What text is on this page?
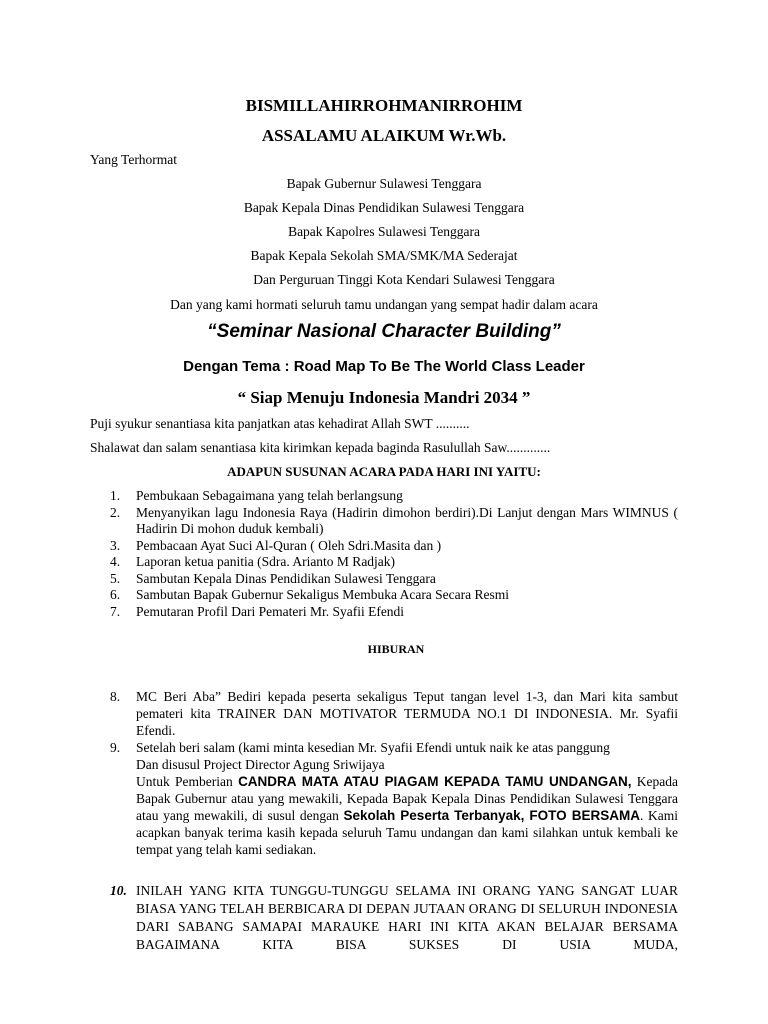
BISMILLAHIRROHMANIRROHIM
ASSALAMU ALAIKUM Wr.Wb.
Yang Terhormat
Bapak Gubernur Sulawesi Tenggara
Bapak Kepala Dinas Pendidikan Sulawesi Tenggara
Bapak Kapolres Sulawesi Tenggara
Bapak Kepala Sekolah SMA/SMK/MA Sederajat
Dan Perguruan Tinggi Kota Kendari Sulawesi Tenggara
Dan yang kami hormati seluruh tamu undangan yang sempat hadir dalam acara
“Seminar Nasional Character Building”
Dengan Tema : Road Map To Be The World Class Leader
“ Siap Menuju Indonesia Mandri 2034 ”
Puji syukur senantiasa kita panjatkan atas kehadirat Allah SWT ..........
Shalawat dan salam senantiasa kita kirimkan kepada baginda Rasulullah Saw.............
ADAPUN SUSUNAN ACARA PADA HARI INI YAITU:
1. Pembukaan Sebagaimana yang telah berlangsung
2. Menyanyikan lagu Indonesia Raya (Hadirin dimohon berdiri).Di Lanjut dengan Mars WIMNUS ( Hadirin Di mohon duduk kembali)
3. Pembacaan Ayat Suci Al-Quran ( Oleh Sdri.Masita dan )
4. Laporan ketua panitia (Sdra. Arianto M Radjak)
5. Sambutan Kepala Dinas Pendidikan Sulawesi Tenggara
6. Sambutan Bapak Gubernur Sekaligus Membuka Acara Secara Resmi
7. Pemutaran Profil Dari Pemateri Mr. Syafii Efendi
HIBURAN
8. MC Beri Aba” Bediri kepada peserta sekaligus Teput tangan level 1-3, dan Mari kita sambut pemateri kita TRAINER DAN MOTIVATOR TERMUDA NO.1 DI INDONESIA. Mr. Syafii Efendi.
9. Setelah beri salam (kami minta kesedian Mr. Syafii Efendi untuk naik ke atas panggung
Dan disusul Project Director Agung Sriwijaya
Untuk Pemberian CANDRA MATA ATAU PIAGAM KEPADA TAMU UNDANGAN, Kepada Bapak Gubernur atau yang mewakili, Kepada Bapak Kepala Dinas Pendidikan Sulawesi Tenggara atau yang mewakili, di susul dengan Sekolah Peserta Terbanyak, FOTO BERSAMA. Kami acapkan banyak terima kasih kepada seluruh Tamu undangan dan kami silahkan untuk kembali ke tempat yang telah kami sediakan.
10. INILAH YANG KITA TUNGGU-TUNGGU SELAMA INI ORANG YANG SANGAT LUAR BIASA YANG TELAH BERBICARA DI DEPAN JUTAAN ORANG DI SELURUH INDONESIA DARI SABANG SAMAPAI MARAUKE HARI INI KITA AKAN BELAJAR BERSAMA BAGAIMANA KITA BISA SUKSES DI USIA MUDA,
